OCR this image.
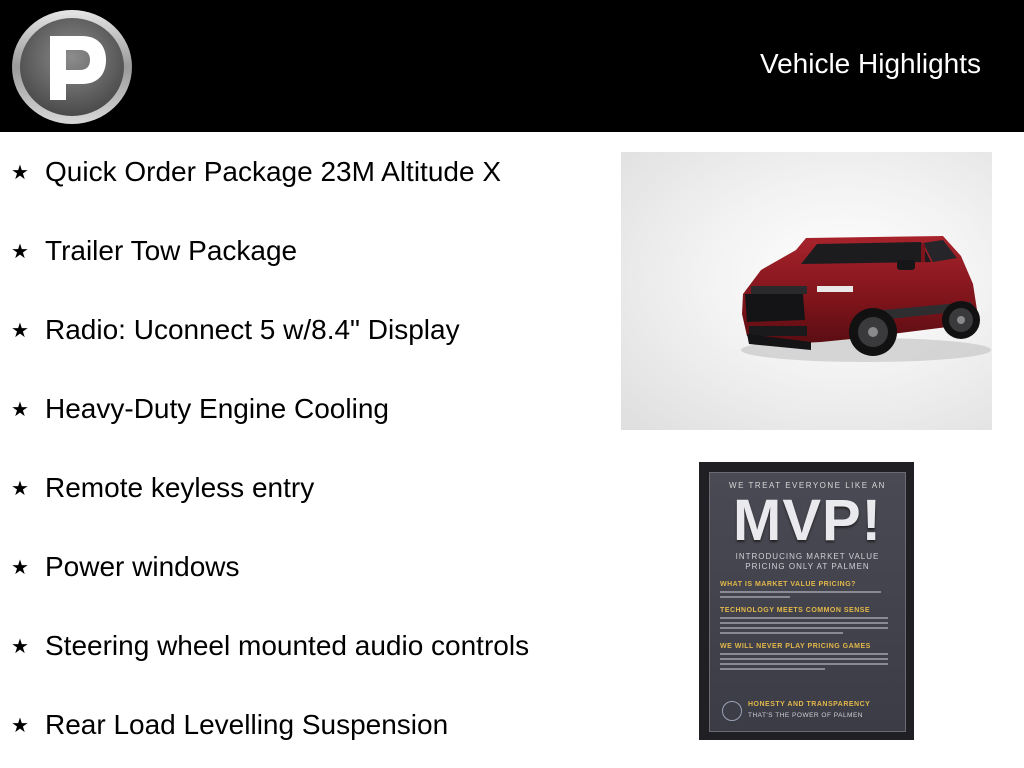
Vehicle Highlights
★ Quick Order Package 23M Altitude X
★ Trailer Tow Package
★ Radio: Uconnect 5 w/8.4" Display
★ Heavy-Duty Engine Cooling
★ Remote keyless entry
★ Power windows
★ Steering wheel mounted audio controls
★ Rear Load Levelling Suspension
WE TREAT EVERYONE LIKE AN
MVP!
INTRODUCING MARKET VALUE PRICING ONLY AT PALMEN
WHAT IS MARKET VALUE PRICING?
TECHNOLOGY MEETS COMMON SENSE
WE WILL NEVER PLAY PRICING GAMES
HONESTY AND TRANSPARENCY
THAT'S THE POWER OF PALMEN
